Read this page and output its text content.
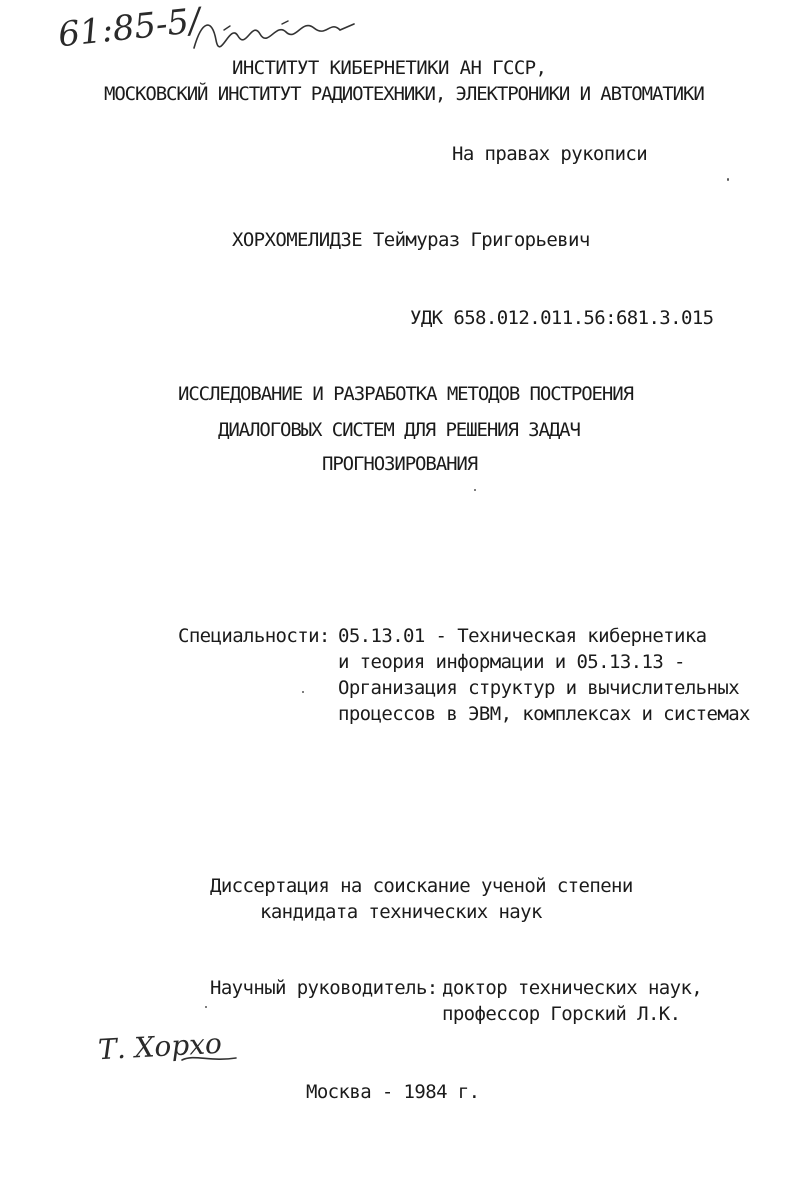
61:85-5/
ИНСТИТУТ КИБЕРНЕТИКИ АН ГССР,
МОСКОВСКИЙ ИНСТИТУТ РАДИОТЕХНИКИ, ЭЛЕКТРОНИКИ И АВТОМАТИКИ
На правах рукописи
ХОРХОМЕЛИДЗЕ Теймураз Григорьевич
УДК 658.012.011.56:681.3.015
ИССЛЕДОВАНИЕ И РАЗРАБОТКА МЕТОДОВ ПОСТРОЕНИЯ
ДИАЛОГОВЫХ СИСТЕМ ДЛЯ РЕШЕНИЯ ЗАДАЧ
ПРОГНОЗИРОВАНИЯ
Специальности: 05.13.01 - Техническая кибернетика
и теория информации и 05.13.13 -
Организация структур и вычислительных
процессов в ЭВМ, комплексах и системах
Диссертация на соискание ученой степени
кандидата технических наук
Научный руководитель: доктор технических наук,
профессор Горский Л.К.
Т. Хорхо
Москва - 1984 г.
